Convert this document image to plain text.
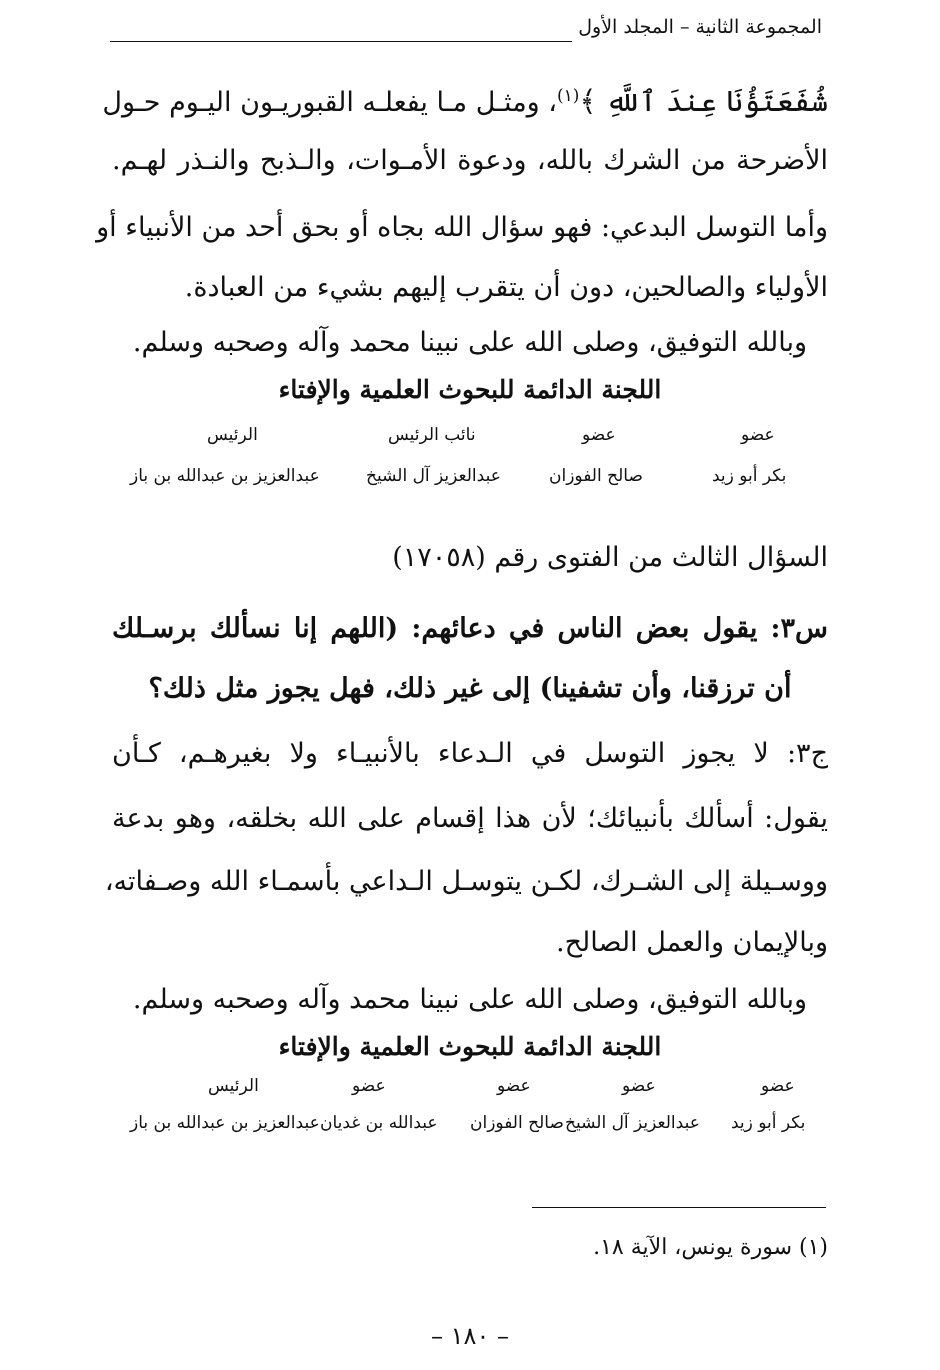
المجموعة الثانية – المجلد الأول
شُفَعَتَؤُنَا عِندَ ٱللَّهِ ﴾$^{(١)}$، ومثـل مـا يفعلـه القبوريـون اليـوم حـول
الأضرحة من الشرك بالله، ودعوة الأمـوات، والـذبح والنـذر لهـم.
وأما التوسل البدعي: فهو سؤال الله بجاه أو بحق أحد من الأنبياء أو
الأولياء والصالحين، دون أن يتقرب إليهم بشيء من العبادة.
وبالله التوفيق، وصلى الله على نبينا محمد وآله وصحبه وسلم.
اللجنة الدائمة للبحوث العلمية والإفتاء
عضو
عضو
نائب الرئيس
الرئيس
بكر أبو زيد
صالح الفوزان
عبدالعزيز آل الشيخ
عبدالعزيز بن عبدالله بن باز
السؤال الثالث من الفتوى رقم (١٧٠٥٨)
س٣: يقول بعض الناس في دعائهم: (اللهم إنا نسألك برسـلك
أن ترزقنا، وأن تشفينا) إلى غير ذلك، فهل يجوز مثل ذلك؟
ج٣: لا يجوز التوسل في الـدعاء بالأنبيـاء ولا بغيرهـم، كـأن
يقول: أسألك بأنبيائك؛ لأن هذا إقسام على الله بخلقه، وهو بدعة
ووسـيلة إلى الشـرك، لكـن يتوسـل الـداعي بأسمـاء الله وصـفاته،
وبالإيمان والعمل الصالح.
وبالله التوفيق، وصلى الله على نبينا محمد وآله وصحبه وسلم.
اللجنة الدائمة للبحوث العلمية والإفتاء
عضو
عضو
عضو
عضو
الرئيس
بكر أبو زيد
عبدالعزيز آل الشيخ
صالح الفوزان
عبدالله بن غديان
عبدالعزيز بن عبدالله بن باز
(١) سورة يونس، الآية ١٨.
– ١٨٠ –
